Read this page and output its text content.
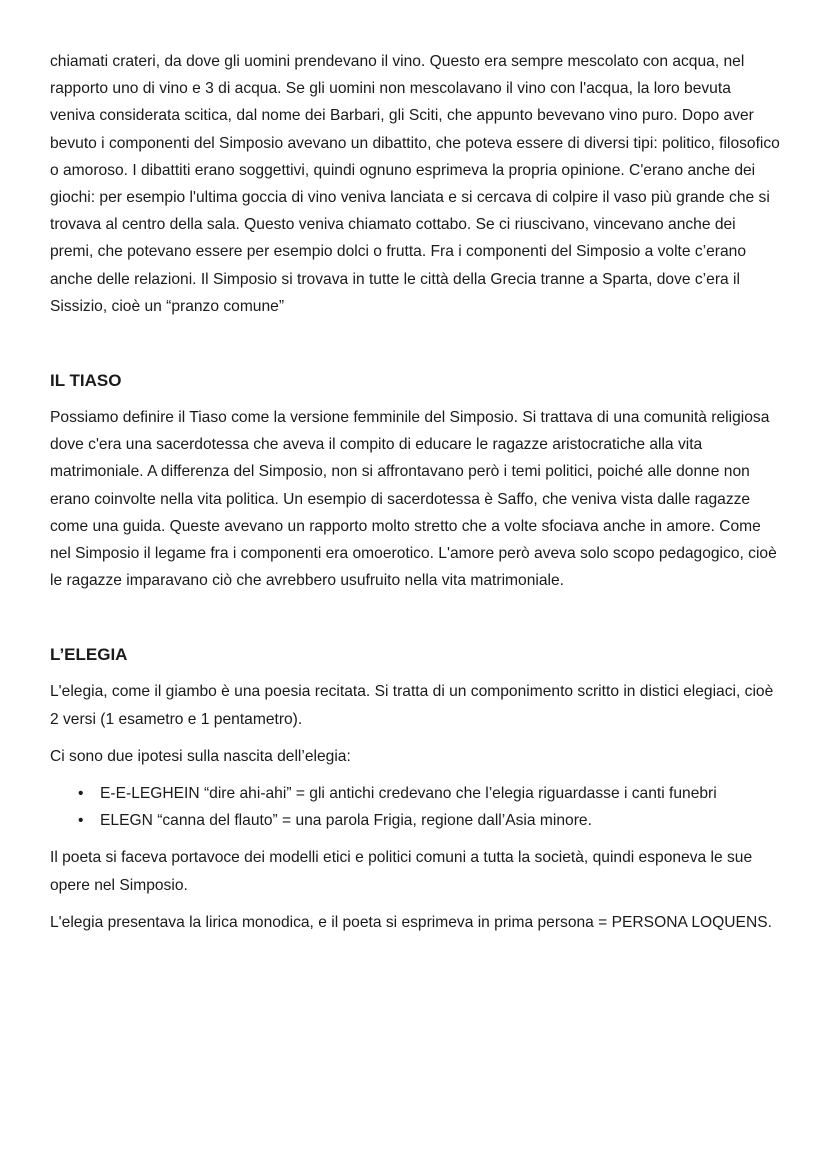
chiamati crateri, da dove gli uomini prendevano il vino. Questo era sempre mescolato con acqua, nel rapporto uno di vino e 3 di acqua. Se gli uomini non mescolavano il vino con l'acqua, la loro bevuta veniva considerata scitica, dal nome dei Barbari, gli Sciti, che appunto bevevano vino puro. Dopo aver bevuto i componenti del Simposio avevano un dibattito, che poteva essere di diversi tipi: politico, filosofico o amoroso. I dibattiti erano soggettivi, quindi ognuno esprimeva la propria opinione. C'erano anche dei giochi: per esempio l'ultima goccia di vino veniva lanciata e si cercava di colpire il vaso più grande che si trovava al centro della sala. Questo veniva chiamato cottabo. Se ci riuscivano, vincevano anche dei premi, che potevano essere per esempio dolci o frutta. Fra i componenti del Simposio a volte c’erano anche delle relazioni. Il Simposio si trovava in tutte le città della Grecia tranne a Sparta, dove c’era il Sissizio, cioè un “pranzo comune”

IL TIASO

Possiamo definire il Tiaso come la versione femminile del Simposio. Si trattava di una comunità religiosa dove c'era una sacerdotessa che aveva il compito di educare le ragazze aristocratiche alla vita matrimoniale. A differenza del Simposio, non si affrontavano però i temi politici, poiché alle donne non erano coinvolte nella vita politica. Un esempio di sacerdotessa è Saffo, che veniva vista dalle ragazze come una guida. Queste avevano un rapporto molto stretto che a volte sfociava anche in amore. Come nel Simposio il legame fra i componenti era omoerotico. L'amore però aveva solo scopo pedagogico, cioè le ragazze imparavano ciò che avrebbero usufruito nella vita matrimoniale.

L’ELEGIA

L'elegia, come il giambo è una poesia recitata. Si tratta di un componimento scritto in distici elegiaci, cioè 2 versi (1 esametro e 1 pentametro).

Ci sono due ipotesi sulla nascita dell’elegia:

• E-E-LEGHEIN “dire ahi-ahi” = gli antichi credevano che l’elegia riguardasse i canti funebri
• ELEGN “canna del flauto” = una parola Frigia, regione dall’Asia minore.

Il poeta si faceva portavoce dei modelli etici e politici comuni a tutta la società, quindi esponeva le sue opere nel Simposio.

L'elegia presentava la lirica monodica, e il poeta si esprimeva in prima persona = PERSONA LOQUENS.
